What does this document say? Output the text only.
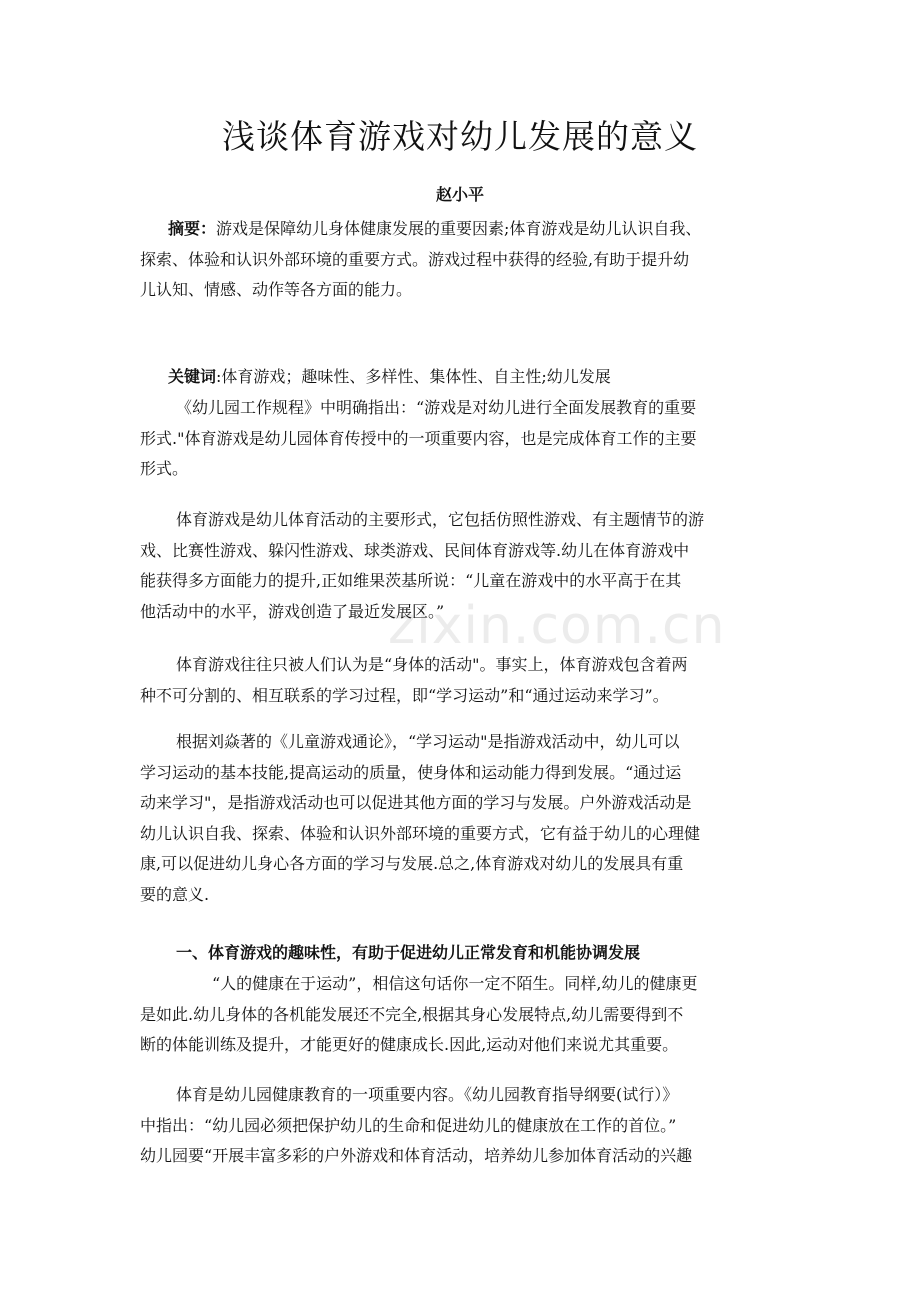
zixin.com.cn
浅谈体育游戏对幼儿发展的意义
赵小平

摘要：游戏是保障幼儿身体健康发展的重要因素;体育游戏是幼儿认识自我、
探索、体验和认识外部环境的重要方式。游戏过程中获得的经验,有助于提升幼
儿认知、情感、动作等各方面的能力。

关键词:体育游戏；趣味性、多样性、集体性、自主性;幼儿发展

《幼儿园工作规程》中明确指出：“游戏是对幼儿进行全面发展教育的重要
形式."体育游戏是幼儿园体育传授中的一项重要内容，也是完成体育工作的主要
形式。

体育游戏是幼儿体育活动的主要形式，它包括仿照性游戏、有主题情节的游
戏、比赛性游戏、躲闪性游戏、球类游戏、民间体育游戏等.幼儿在体育游戏中
能获得多方面能力的提升,正如维果茨基所说：“儿童在游戏中的水平高于在其
他活动中的水平，游戏创造了最近发展区。”

体育游戏往往只被人们认为是“身体的活动"。事实上，体育游戏包含着两
种不可分割的、相互联系的学习过程，即“学习运动”和“通过运动来学习”。

根据刘焱著的《儿童游戏通论》，“学习运动"是指游戏活动中，幼儿可以
学习运动的基本技能,提高运动的质量，使身体和运动能力得到发展。“通过运
动来学习"，是指游戏活动也可以促进其他方面的学习与发展。户外游戏活动是
幼儿认识自我、探索、体验和认识外部环境的重要方式，它有益于幼儿的心理健
康,可以促进幼儿身心各方面的学习与发展.总之,体育游戏对幼儿的发展具有重
要的意义.

一、体育游戏的趣味性，有助于促进幼儿正常发育和机能协调发展

“人的健康在于运动”，相信这句话你一定不陌生。同样,幼儿的健康更
是如此.幼儿身体的各机能发展还不完全,根据其身心发展特点,幼儿需要得到不
断的体能训练及提升，才能更好的健康成长.因此,运动对他们来说尤其重要。

体育是幼儿园健康教育的一项重要内容。《幼儿园教育指导纲要(试行）》
中指出：“幼儿园必须把保护幼儿的生命和促进幼儿的健康放在工作的首位。”
幼儿园要“开展丰富多彩的户外游戏和体育活动，培养幼儿参加体育活动的兴趣
